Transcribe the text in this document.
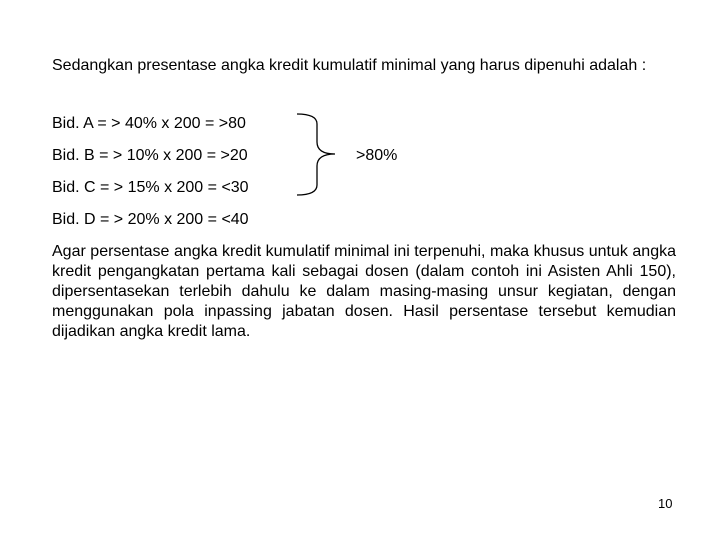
Sedangkan presentase angka kredit kumulatif minimal yang harus dipenuhi adalah :
Bid. A = > 40% x 200 = >80
Bid. B = > 10% x 200 = >20
Bid. C = > 15% x 200 = <30
Bid. D = > 20% x 200 = <40
>80%
Agar persentase angka kredit kumulatif minimal ini terpenuhi, maka khusus untuk angka kredit pengangkatan pertama kali sebagai dosen (dalam contoh ini Asisten Ahli 150), dipersentasekan terlebih dahulu ke dalam masing-masing unsur kegiatan, dengan menggunakan pola inpassing jabatan dosen. Hasil persentase tersebut kemudian dijadikan angka kredit lama.
10
